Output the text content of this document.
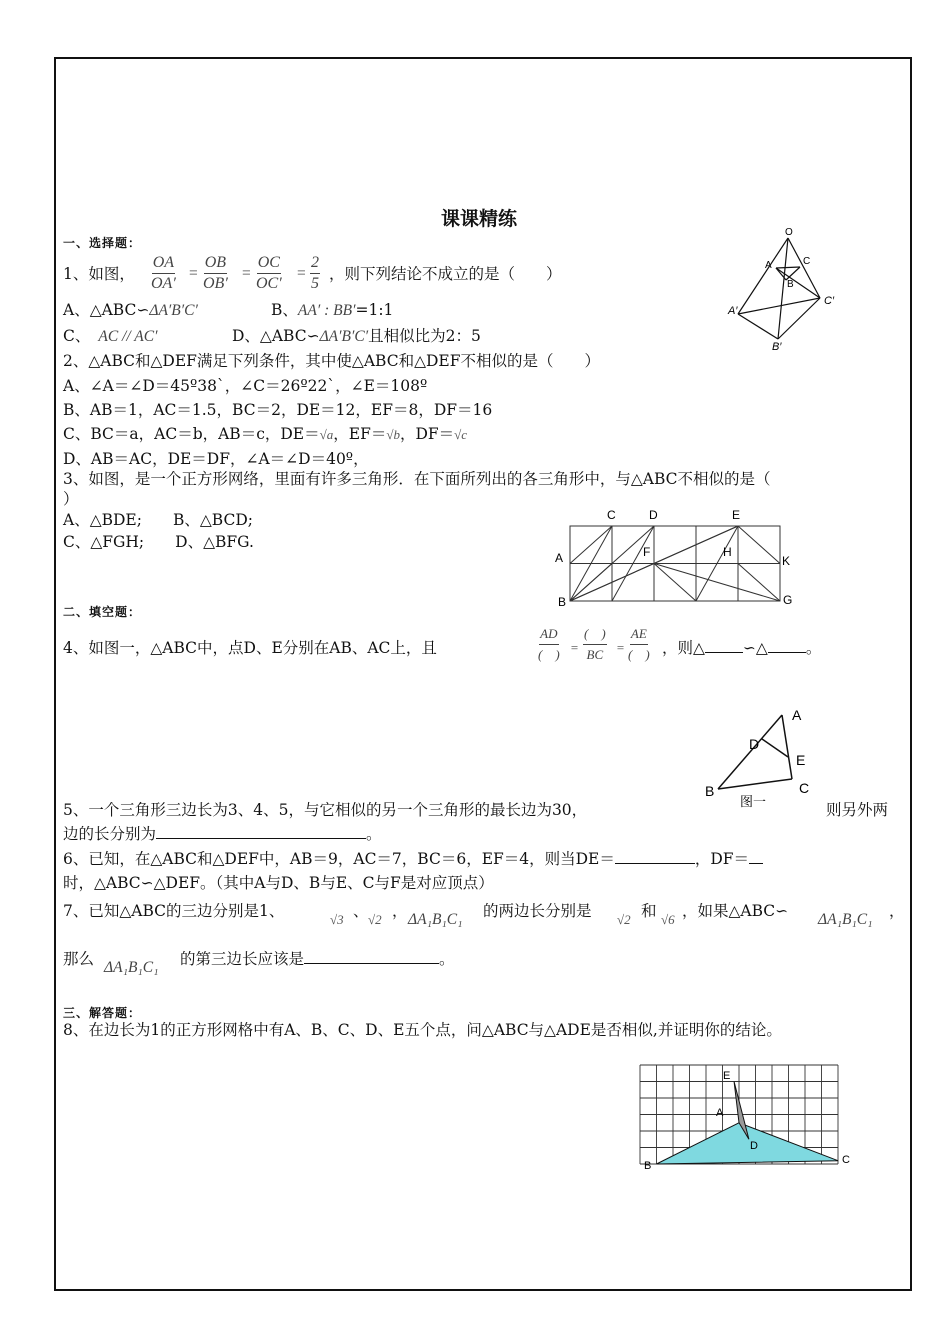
课课精练
一、选择题：
1、如图， $\frac{OA}{OA'} = \frac{OB}{OB'} = \frac{OC}{OC'} = \frac{2}{5}$ ，则下列结论不成立的是（　　）
A、△ABC∽ΔA′B′C′	B、AA′ : BB′=1:1
C、 AC // AC′	D、△ABC∽ΔA′B′C′且相似比为2：5
O
A	C
B
A′
C′
B′
2、△ABC和△DEF满足下列条件，其中使△ABC和△DEF不相似的是（　　）
A、∠A＝∠D＝45º38`，∠C＝26º22`，∠E＝108º
B、AB＝1，AC＝1.5，BC＝2，DE＝12，EF＝8，DF＝16
C、BC＝a，AC＝b，AB＝c，DE＝√a，EF＝√b，DF＝√c
D、AB＝AC，DE＝DF，∠A＝∠D＝40º，
3、如图，是一个正方形网络，里面有许多三角形．在下面所列出的各三角形中，与△ABC不相似的是（
）
A、△BDE;　　B、△BCD;
C、△FGH;　　D、△BFG.
C	D	E
A	F	H
K
B	G
二、填空题：
4、如图一，△ABC中，点D、E分别在AB、AC上，且
AD
(　) =
(　)
BC =
AE
(　) ，则△ ∽△ 。
A
D
E
B	C
图一
5、一个三角形三边长为3、4、5，与它相似的另一个三角形的最长边为30，	则另外两
边的长分别为	。
6、已知，在△ABC和△DEF中，AB＝9，AC＝7，BC＝6，EF＝4，则当DE＝	，DF＝
时，△ABC∽△DEF。（其中A与D、B与E、C与F是对应顶点）
7、已知△ABC的三边分别是1、	√3 、 √2 ， ΔA₁B₁C₁ 的两边长分别是 √2 和 √6 ，如果△ABC∽ ΔA₁B₁C₁ ，
那么 ΔA₁B₁C₁ 的第三边长应该是	。
三、解答题：
8、在边长为1的正方形网格中有A、B、C、D、E五个点，问△ABC与△ADE是否相似,并证明你的结论。
E
A
D
B	C
